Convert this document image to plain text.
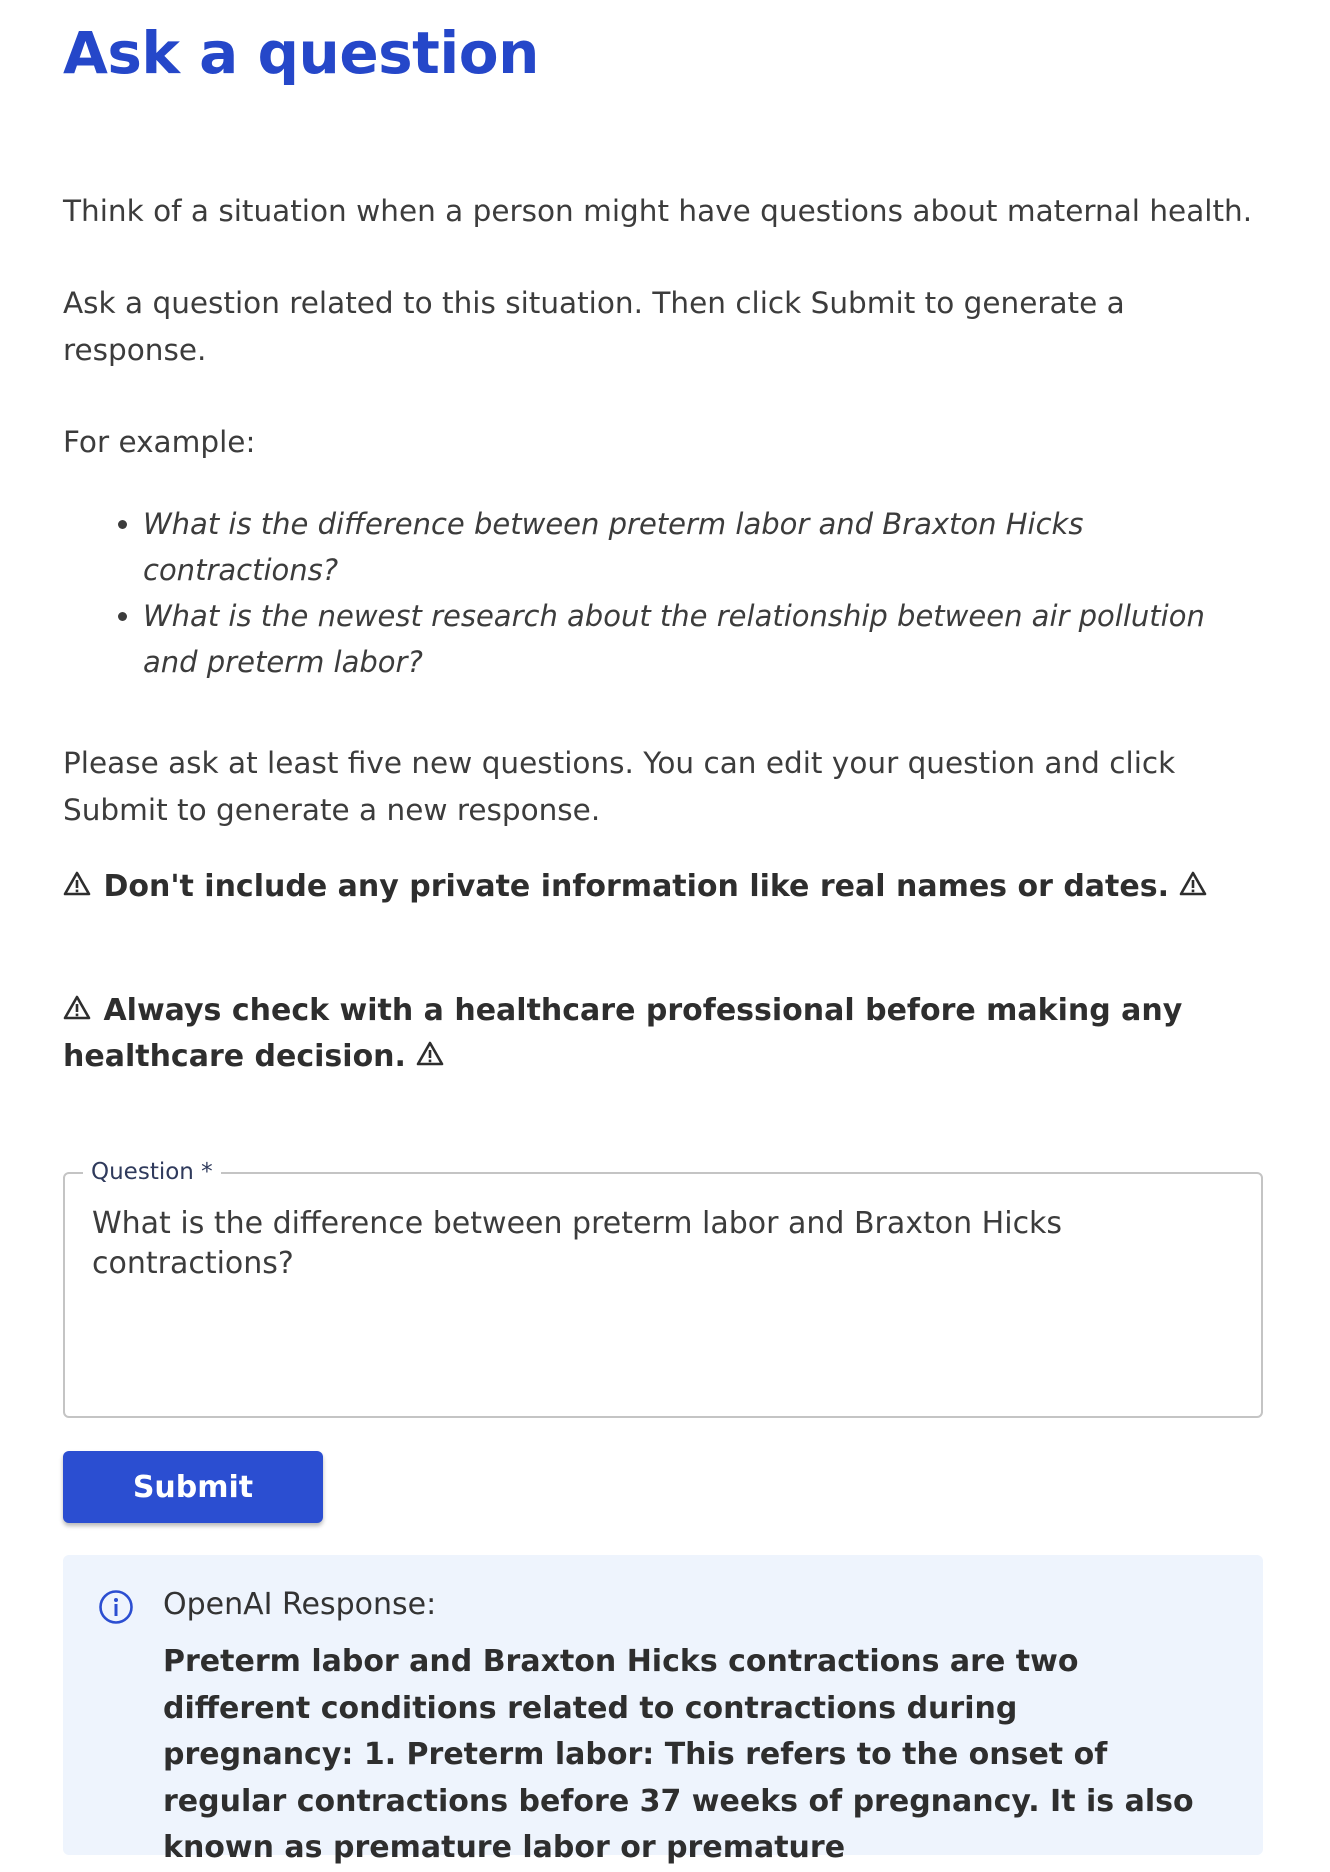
Ask a question

Think of a situation when a person might have questions about maternal health.

Ask a question related to this situation. Then click Submit to generate a response.

For example:

• What is the difference between preterm labor and Braxton Hicks contractions?
• What is the newest research about the relationship between air pollution and preterm labor?

Please ask at least five new questions. You can edit your question and click Submit to generate a new response.

Don't include any private information like real names or dates.

Always check with a healthcare professional before making any healthcare decision.

Question *
What is the difference between preterm labor and Braxton Hicks contractions?
Submit
OpenAI Response:
Preterm labor and Braxton Hicks contractions are two different conditions related to contractions during pregnancy: 1. Preterm labor: This refers to the onset of regular contractions before 37 weeks of pregnancy. It is also known as premature labor or premature
